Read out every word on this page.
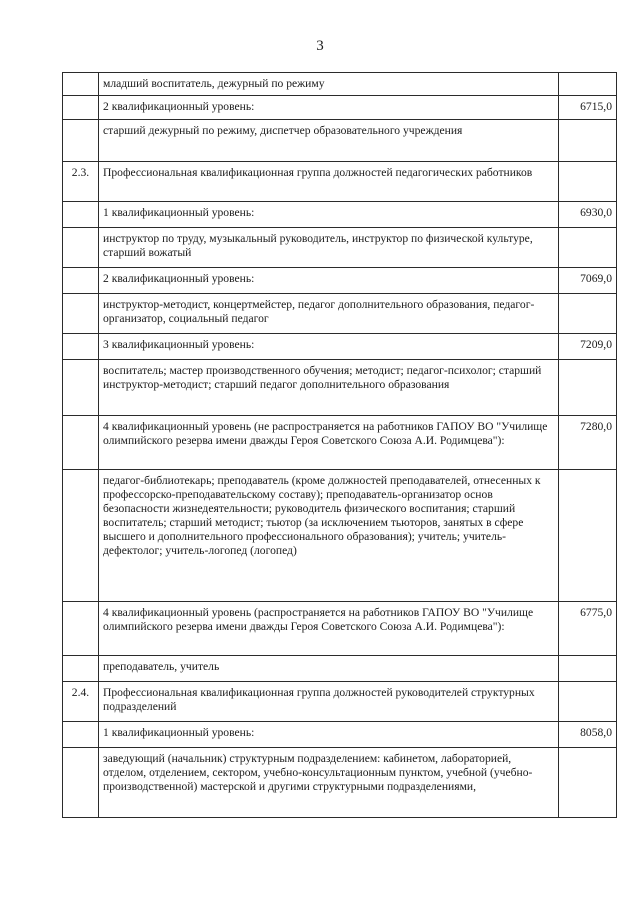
3
	младший воспитатель, дежурный по режиму	
	2 квалификационный уровень:	6715,0
	старший дежурный по режиму, диспетчер образовательного учреждения	
2.3.	Профессиональная квалификационная группа должностей педагогических работников	
	1 квалификационный уровень:	6930,0
	инструктор по труду, музыкальный руководитель, инструктор по физической культуре, старший вожатый	
	2 квалификационный уровень:	7069,0
	инструктор-методист, концертмейстер, педагог дополнительного образования, педагог-организатор, социальный педагог	
	3 квалификационный уровень:	7209,0
	воспитатель; мастер производственного обучения; методист; педагог-психолог; старший инструктор-методист; старший педагог дополнительного образования	
	4 квалификационный уровень (не распространяется на работников ГАПОУ ВО "Училище олимпийского резерва имени дважды Героя Советского Союза А.И. Родимцева"):	7280,0
	педагог-библиотекарь; преподаватель (кроме должностей преподавателей, отнесенных к профессорско-преподавательскому составу); преподаватель-организатор основ безопасности жизнедеятельности; руководитель физического воспитания; старший воспитатель; старший методист; тьютор (за исключением тьюторов, занятых в сфере высшего и дополнительного профессионального образования); учитель; учитель-дефектолог; учитель-логопед (логопед)	
	4 квалификационный уровень (распространяется на работников ГАПОУ ВО "Училище олимпийского резерва имени дважды Героя Советского Союза А.И. Родимцева"):	6775,0
	преподаватель, учитель	
2.4.	Профессиональная квалификационная группа должностей руководителей структурных подразделений	
	1 квалификационный уровень:	8058,0
	заведующий (начальник) структурным подразделением: кабинетом, лабораторией, отделом, отделением, сектором, учебно-консультационным пунктом, учебной (учебно-производственной) мастерской и другими структурными подразделениями,	
